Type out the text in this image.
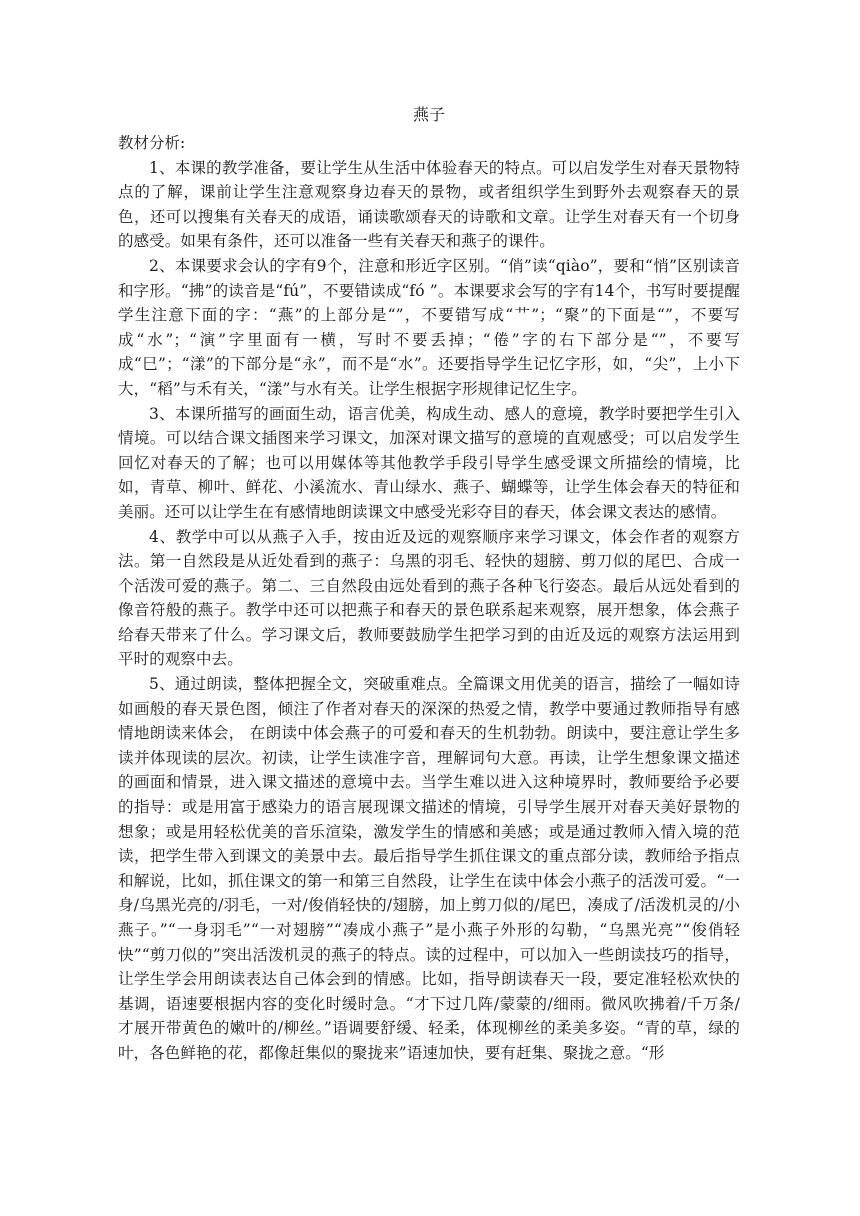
燕子

教材分析:

1、本课的教学准备，要让学生从生活中体验春天的特点。可以启发学生对春天景物特点的了解，课前让学生注意观察身边春天的景物，或者组织学生到野外去观察春天的景色，还可以搜集有关春天的成语，诵读歌颂春天的诗歌和文章。让学生对春天有一个切身的感受。如果有条件，还可以准备一些有关春天和燕子的课件。

2、本课要求会认的字有9个，注意和形近字区别。“俏”读“qiào”，要和“悄”区别读音和字形。“拂”的读音是“fú”，不要错读成“fó ”。本课要求会写的字有14个，书写时要提醒学生注意下面的字：“燕”的上部分是“”，不要错写成“艹”；“聚”的下面是“”，不要写成“水”；“演”字里面有一横，写时不要丢掉；“倦”字的右下部分是“”，不要写成“巳”；“漾”的下部分是“永”，而不是“水”。还要指导学生记忆字形，如，“尖”，上小下大，“稻”与禾有关，“漾”与水有关。让学生根据字形规律记忆生字。

3、本课所描写的画面生动，语言优美，构成生动、感人的意境，教学时要把学生引入情境。可以结合课文插图来学习课文，加深对课文描写的意境的直观感受；可以启发学生回忆对春天的了解；也可以用媒体等其他教学手段引导学生感受课文所描绘的情境，比如，青草、柳叶、鲜花、小溪流水、青山绿水、燕子、蝴蝶等，让学生体会春天的特征和美丽。还可以让学生在有感情地朗读课文中感受光彩夺目的春天，体会课文表达的感情。

4、教学中可以从燕子入手，按由近及远的观察顺序来学习课文，体会作者的观察方法。第一自然段是从近处看到的燕子：乌黑的羽毛、轻快的翅膀、剪刀似的尾巴、合成一个活泼可爱的燕子。第二、三自然段由远处看到的燕子各种飞行姿态。最后从远处看到的像音符般的燕子。教学中还可以把燕子和春天的景色联系起来观察，展开想象，体会燕子给春天带来了什么。学习课文后，教师要鼓励学生把学习到的由近及远的观察方法运用到平时的观察中去。

5、通过朗读，整体把握全文，突破重难点。全篇课文用优美的语言，描绘了一幅如诗如画般的春天景色图，倾注了作者对春天的深深的热爱之情，教学中要通过教师指导有感情地朗读来体会， 在朗读中体会燕子的可爱和春天的生机勃勃。朗读中，要注意让学生多读并体现读的层次。初读，让学生读准字音，理解词句大意。再读，让学生想象课文描述的画面和情景，进入课文描述的意境中去。当学生难以进入这种境界时，教师要给予必要的指导：或是用富于感染力的语言展现课文描述的情境，引导学生展开对春天美好景物的想象；或是用轻松优美的音乐渲染，激发学生的情感和美感；或是通过教师入情入境的范读，把学生带入到课文的美景中去。最后指导学生抓住课文的重点部分读，教师给予指点和解说，比如，抓住课文的第一和第三自然段，让学生在读中体会小燕子的活泼可爱。“一身/乌黑光亮的/羽毛，一对/俊俏轻快的/翅膀，加上剪刀似的/尾巴，凑成了/活泼机灵的/小燕子。”“一身羽毛”“一对翅膀”“凑成小燕子”是小燕子外形的勾勒，“乌黑光亮”“俊俏轻快”“剪刀似的”突出活泼机灵的燕子的特点。读的过程中，可以加入一些朗读技巧的指导，让学生学会用朗读表达自己体会到的情感。比如，指导朗读春天一段，要定准轻松欢快的基调，语速要根据内容的变化时缓时急。“才下过几阵/蒙蒙的/细雨。微风吹拂着/千万条/才展开带黄色的嫩叶的/柳丝。”语调要舒缓、轻柔，体现柳丝的柔美多姿。“青的草，绿的叶，各色鲜艳的花，都像赶集似的聚拢来”语速加快，要有赶集、聚拢之意。“形
